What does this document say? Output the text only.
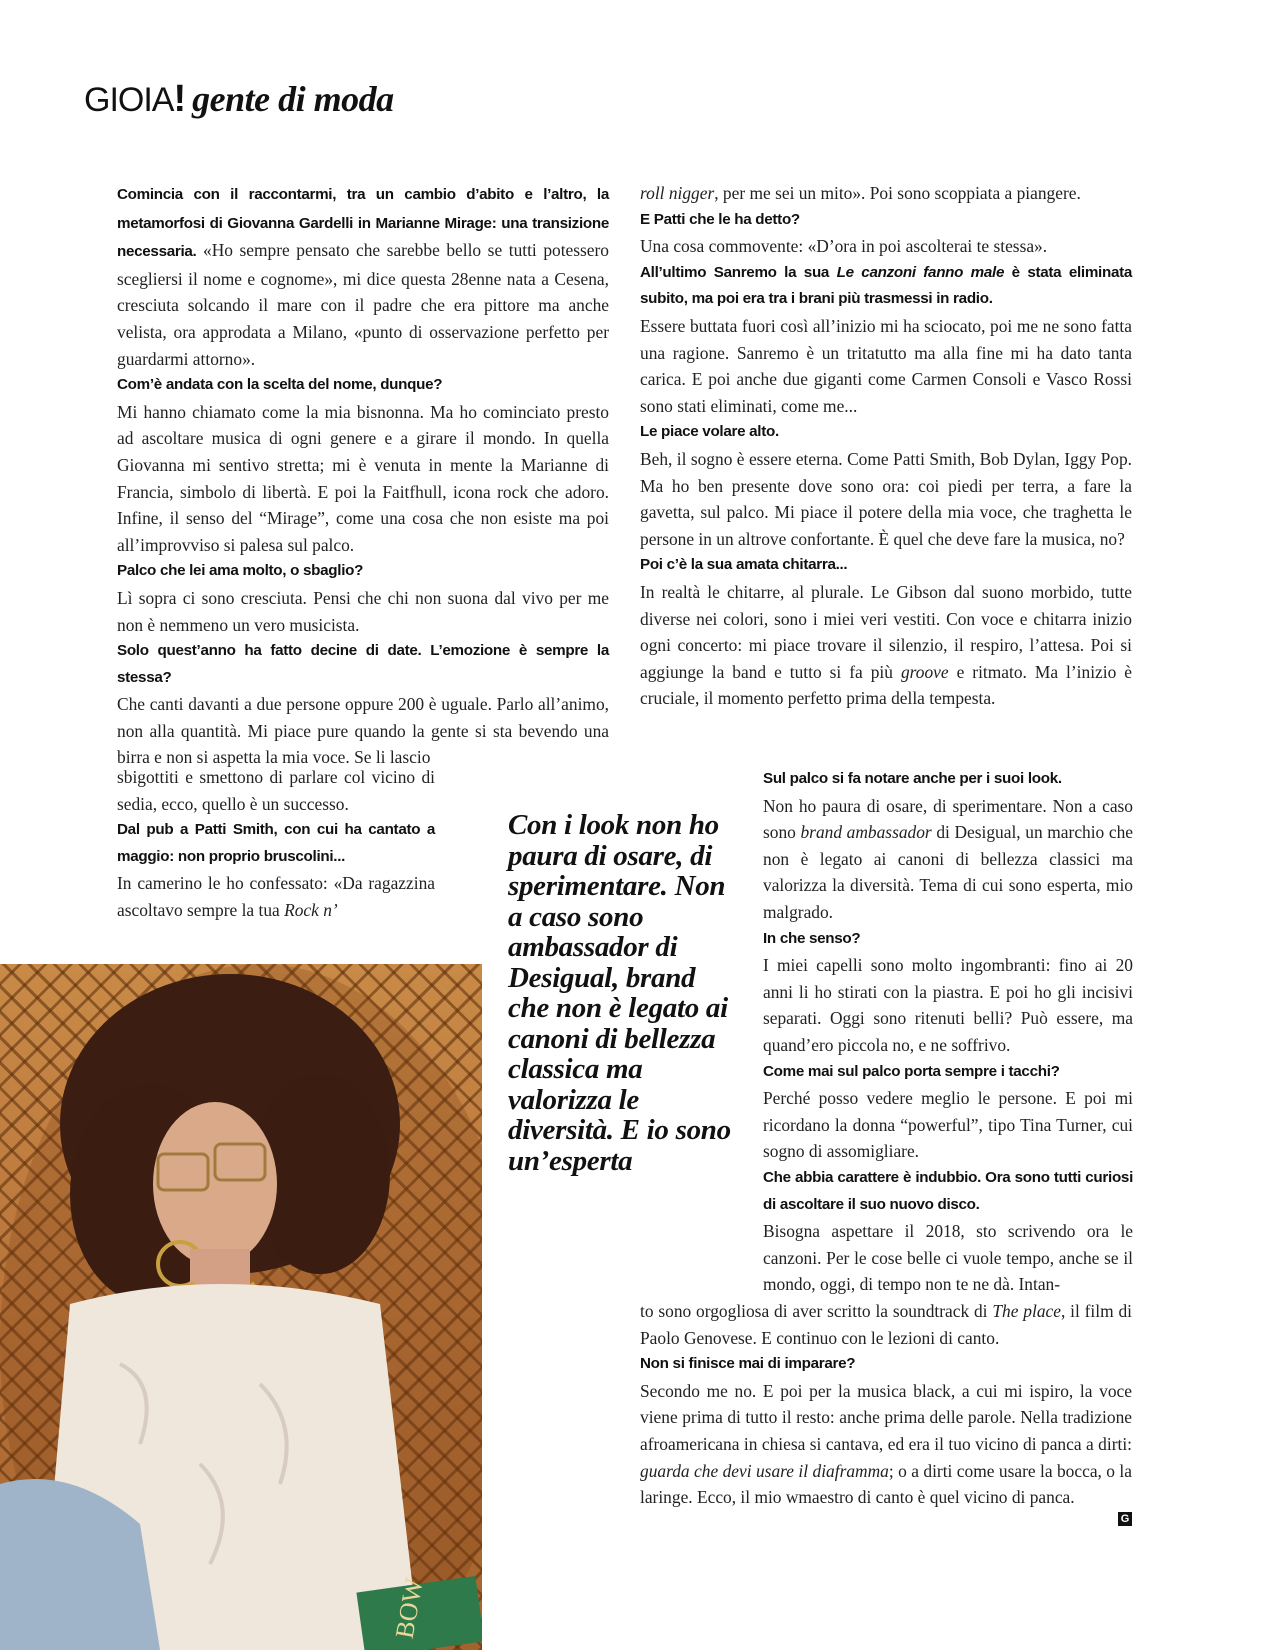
GIOIA ! gente di moda

Comincia con il raccontarmi, tra un cambio d’abito e l’altro, la metamorfosi di Giovanna Gardelli in Marianne Mirage: una transizione necessaria. «Ho sempre pensato che sarebbe bello se tutti potessero scegliersi il nome e cognome», mi dice questa 28enne nata a Cesena, cresciuta solcando il mare con il padre che era pittore ma anche velista, ora approdata a Milano, «punto di osservazione perfetto per guardarmi attorno».

Com’è andata con la scelta del nome, dunque?

Mi hanno chiamato come la mia bisnonna. Ma ho cominciato presto ad ascoltare musica di ogni genere e a girare il mondo. In quella Giovanna mi sentivo stretta; mi è venuta in mente la Marianne di Francia, simbolo di libertà. E poi la Faitfhull, icona rock che adoro. Infine, il senso del “Mirage”, come una cosa che non esiste ma poi all’improvviso si palesa sul palco.

Palco che lei ama molto, o sbaglio?

Lì sopra ci sono cresciuta. Pensi che chi non suona dal vivo per me non è nemmeno un vero musicista.

Solo quest’anno ha fatto decine di date. L’emozione è sempre la stessa?

Che canti davanti a due persone oppure 200 è uguale. Parlo all’animo, non alla quantità. Mi piace pure quando la gente si sta bevendo una birra e non si aspetta la mia voce. Se li lascio

sbigottiti e smettono di parlare col vicino di sedia, ecco, quello è un successo.

Dal pub a Patti Smith, con cui ha cantato a maggio: non proprio bruscolini...

In camerino le ho confessato: «Da ragazzina ascoltavo sempre la tua Rock n’

roll nigger, per me sei un mito». Poi sono scoppiata a piangere.

E Patti che le ha detto?

Una cosa commovente: «D’ora in poi ascolterai te stessa».

All’ultimo Sanremo la sua Le canzoni fanno male è stata eliminata subito, ma poi era tra i brani più trasmessi in radio.

Essere buttata fuori così all’inizio mi ha sciocato, poi me ne sono fatta una ragione. Sanremo è un tritatutto ma alla fine mi ha dato tanta carica. E poi anche due giganti come Carmen Consoli e Vasco Rossi sono stati eliminati, come me...

Le piace volare alto.

Beh, il sogno è essere eterna. Come Patti Smith, Bob Dylan, Iggy Pop. Ma ho ben presente dove sono ora: coi piedi per terra, a fare la gavetta, sul palco. Mi piace il potere della mia voce, che traghetta le persone in un altrove confortante. È quel che deve fare la musica, no?

Poi c’è la sua amata chitarra...

In realtà le chitarre, al plurale. Le Gibson dal suono morbido, tutte diverse nei colori, sono i miei veri vestiti. Con voce e chitarra inizio ogni concerto: mi piace trovare il silenzio, il respiro, l’attesa. Poi si aggiunge la band e tutto si fa più groove e ritmato. Ma l’inizio è cruciale, il momento perfetto prima della tempesta.

Con i look non ho paura di osare, di sperimentare. Non a caso sono ambassador di Desigual, brand che non è legato ai canoni di bellezza classica ma valorizza le diversità. E io sono un’esperta

Sul palco si fa notare anche per i suoi look.

Non ho paura di osare, di sperimentare. Non a caso sono brand ambassador di Desigual, un marchio che non è legato ai canoni di bellezza classici ma valorizza la diversità. Tema di cui sono esperta, mio malgrado.

In che senso?

I miei capelli sono molto ingombranti: fino ai 20 anni li ho stirati con la piastra. E poi ho gli incisivi separati. Oggi sono ritenuti belli? Può essere, ma quand’ero piccola no, e ne soffrivo.

Come mai sul palco porta sempre i tacchi?

Perché posso vedere meglio le persone. E poi mi ricordano la donna “powerful”, tipo Tina Turner, cui sogno di assomigliare.

Che abbia carattere è indubbio. Ora sono tutti curiosi di ascoltare il suo nuovo disco.

Bisogna aspettare il 2018, sto scrivendo ora le canzoni. Per le cose belle ci vuole tempo, anche se il mondo, oggi, di tempo non te ne dà. Intan-

to sono orgogliosa di aver scritto la soundtrack di The place, il film di Paolo Genovese. E continuo con le lezioni di canto.

Non si finisce mai di imparare?

Secondo me no. E poi per la musica black, a cui mi ispiro, la voce viene prima di tutto il resto: anche prima delle parole. Nella tradizione afroamericana in chiesa si cantava, ed era il tuo vicino di panca a dirti: guarda che devi usare il diaframma; o a dirti come usare la bocca, o la laringe. Ecco, il mio wmaestro di canto è quel vicino di panca.

G
BOW
